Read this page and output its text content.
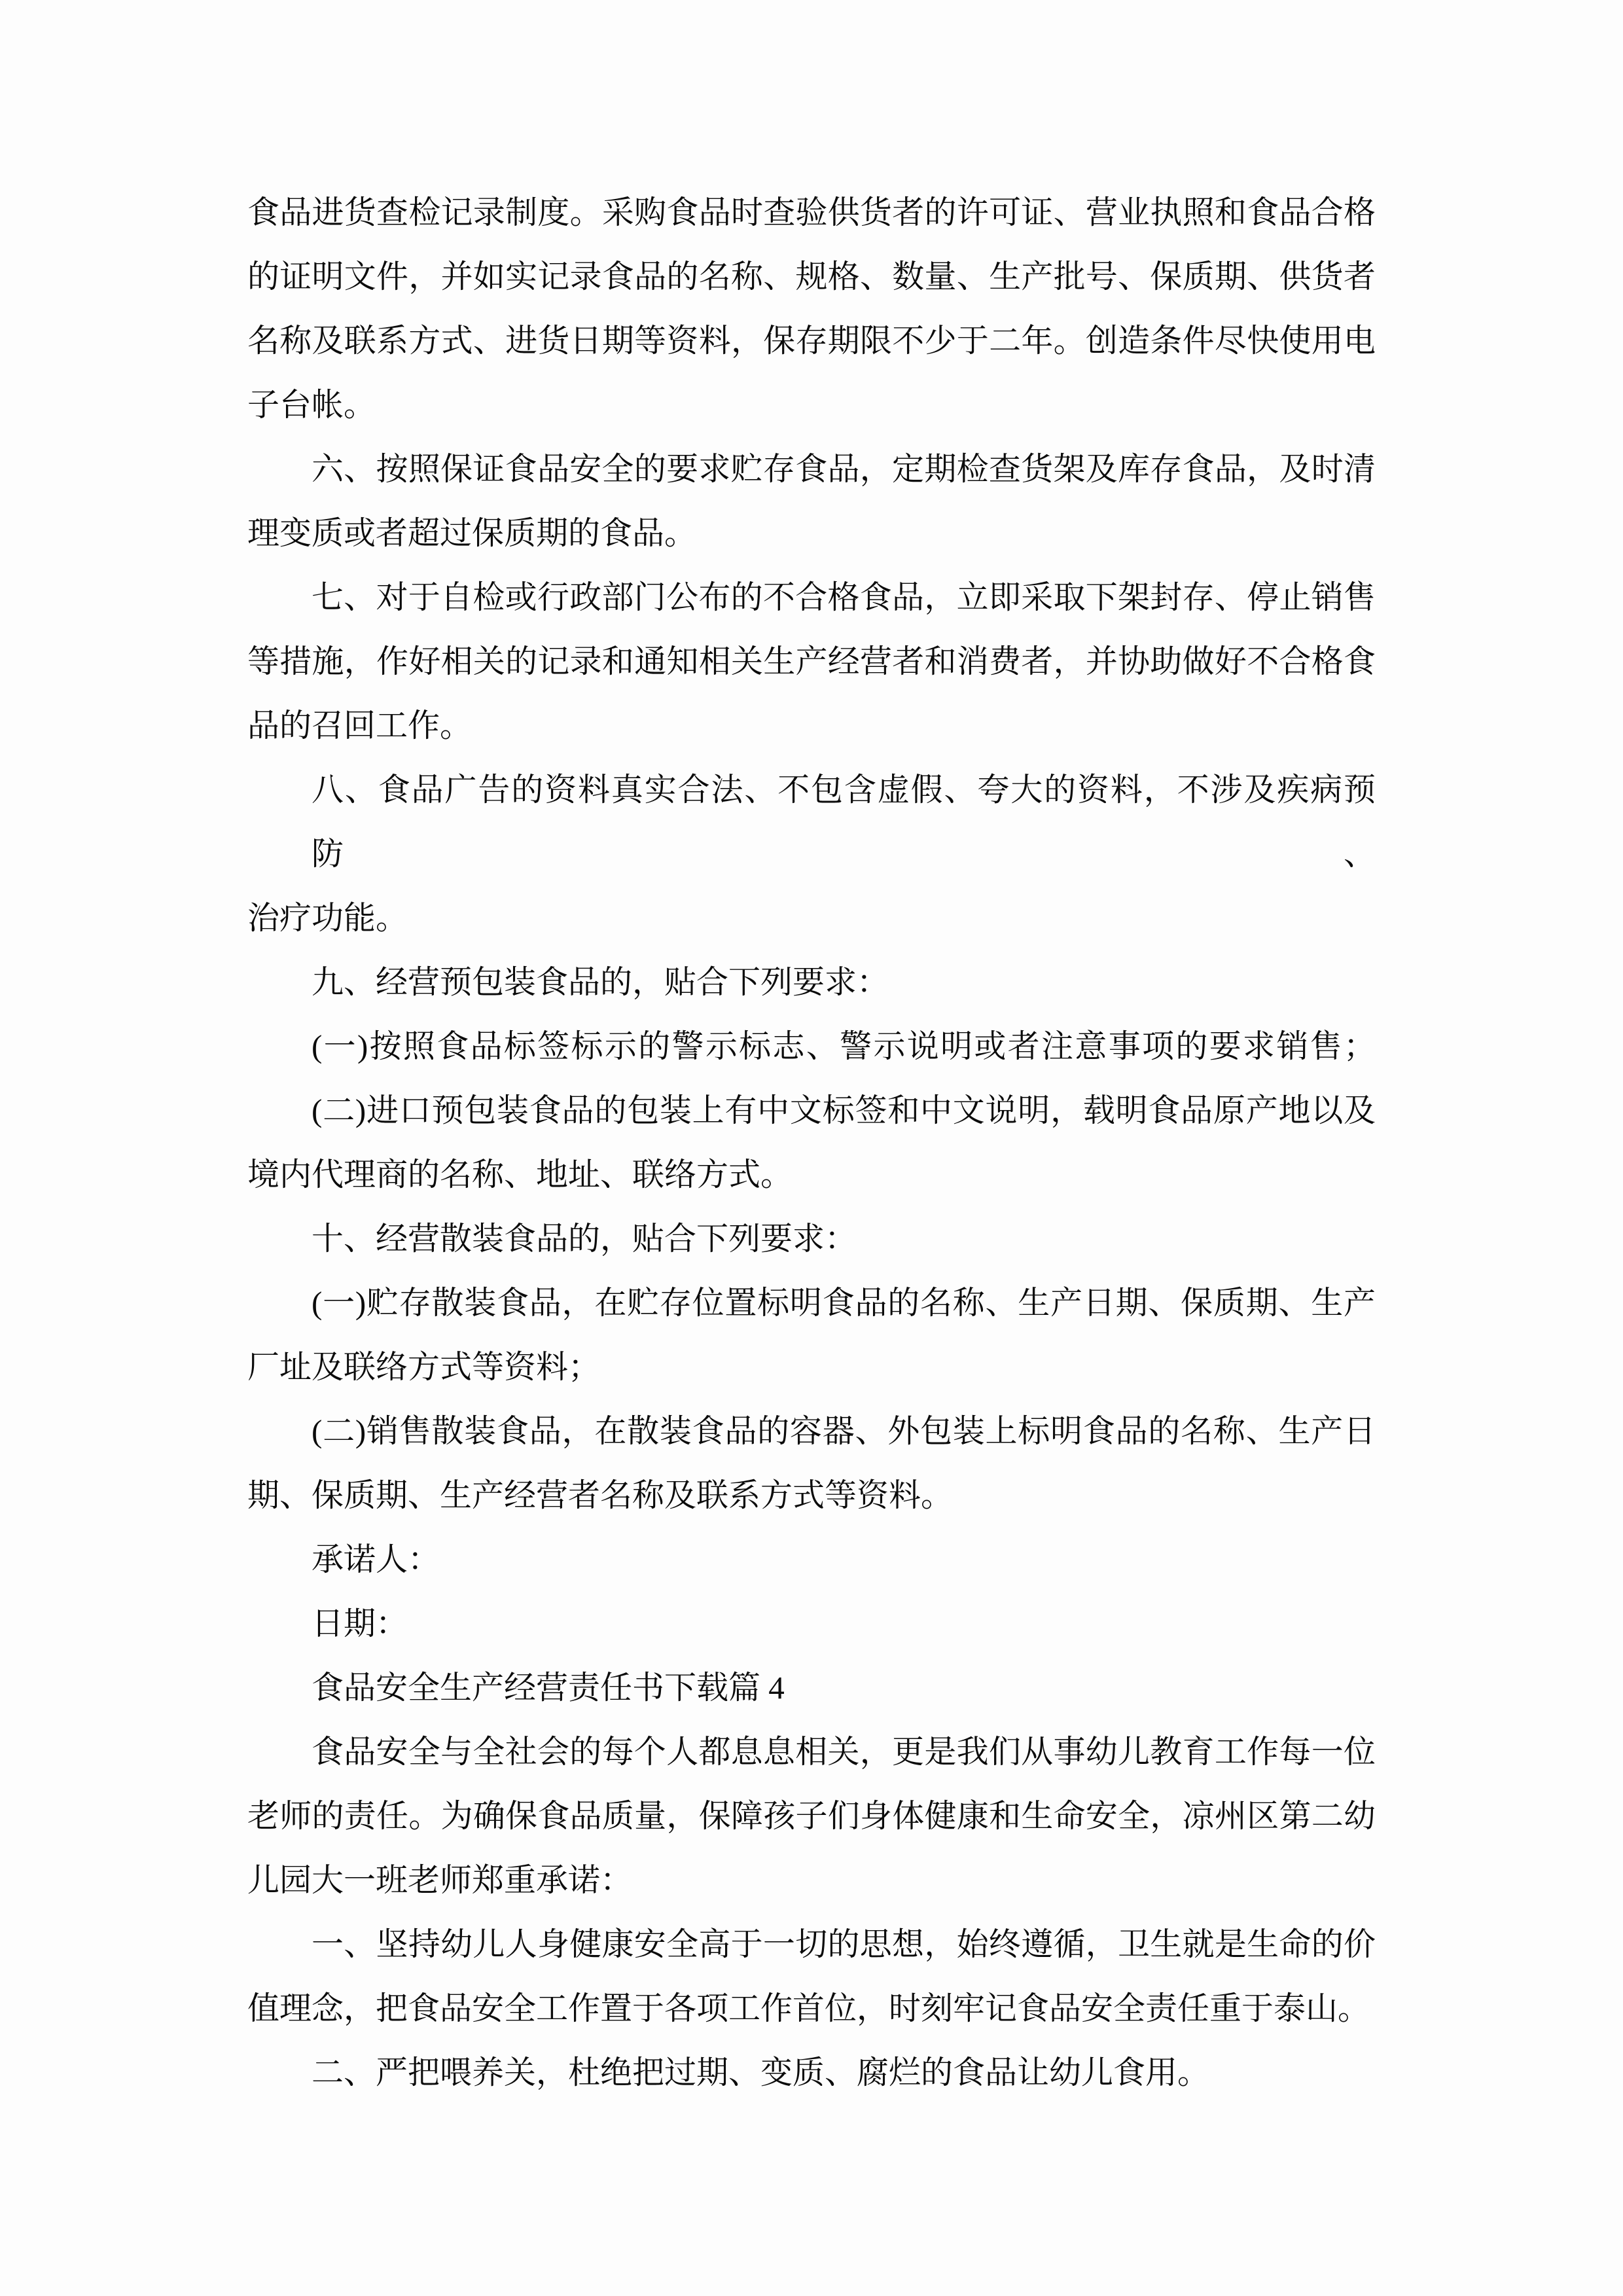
食品进货查检记录制度。采购食品时查验供货者的许可证、营业执照和食品合格
的证明文件，并如实记录食品的名称、规格、数量、生产批号、保质期、供货者
名称及联系方式、进货日期等资料，保存期限不少于二年。创造条件尽快使用电
子台帐。
六、按照保证食品安全的要求贮存食品，定期检查货架及库存食品，及时清
理变质或者超过保质期的食品。
七、对于自检或行政部门公布的不合格食品，立即采取下架封存、停止销售
等措施，作好相关的记录和通知相关生产经营者和消费者，并协助做好不合格食
品的召回工作。
八、食品广告的资料真实合法、不包含虚假、夸大的资料，不涉及疾病预防、
治疗功能。
九、经营预包装食品的，贴合下列要求：
(一)按照食品标签标示的警示标志、警示说明或者注意事项的要求销售；
(二)进口预包装食品的包装上有中文标签和中文说明，载明食品原产地以及
境内代理商的名称、地址、联络方式。
十、经营散装食品的，贴合下列要求：
(一)贮存散装食品，在贮存位置标明食品的名称、生产日期、保质期、生产
厂址及联络方式等资料；
(二)销售散装食品，在散装食品的容器、外包装上标明食品的名称、生产日
期、保质期、生产经营者名称及联系方式等资料。
承诺人：
日期：
食品安全生产经营责任书下载篇 4
食品安全与全社会的每个人都息息相关，更是我们从事幼儿教育工作每一位
老师的责任。为确保食品质量，保障孩子们身体健康和生命安全，凉州区第二幼
儿园大一班老师郑重承诺：
一、坚持幼儿人身健康安全高于一切的思想，始终遵循，卫生就是生命的价
值理念，把食品安全工作置于各项工作首位，时刻牢记食品安全责任重于泰山。
二、严把喂养关，杜绝把过期、变质、腐烂的食品让幼儿食用。
